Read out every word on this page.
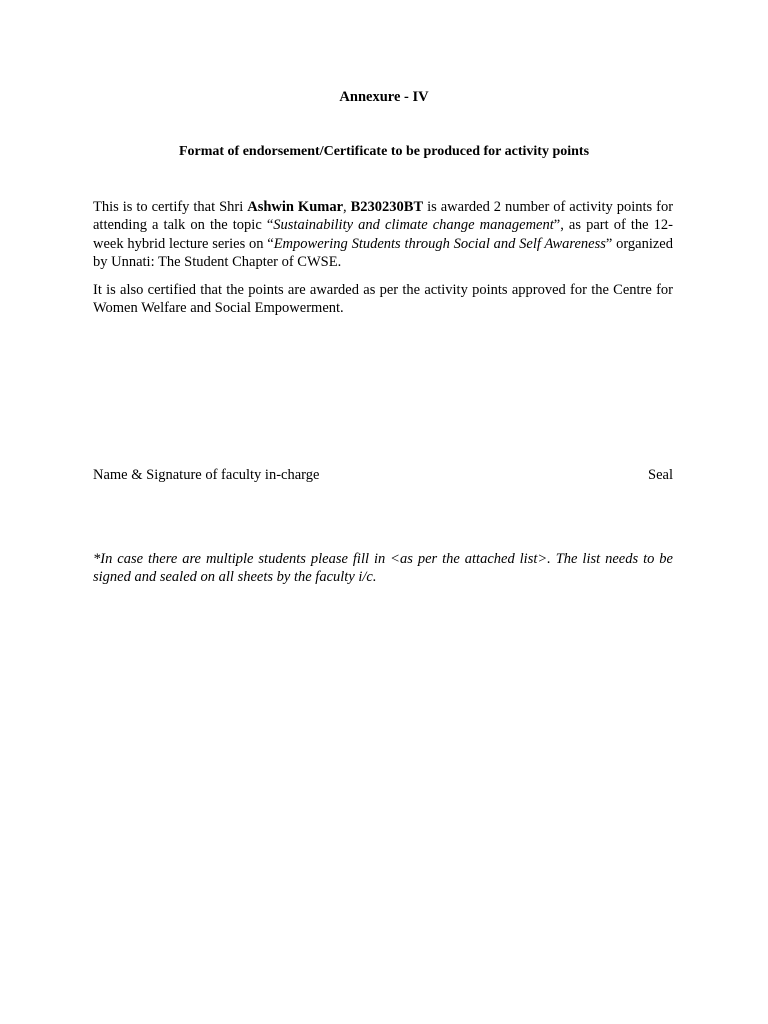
Annexure - IV
Format of endorsement/Certificate to be produced for activity points
This is to certify that Shri Ashwin Kumar, B230230BT is awarded 2 number of activity points for attending a talk on the topic “Sustainability and climate change management”, as part of the 12-week hybrid lecture series on “Empowering Students through Social and Self Awareness” organized by Unnati: The Student Chapter of CWSE.
It is also certified that the points are awarded as per the activity points approved for the Centre for Women Welfare and Social Empowerment.
Name & Signature of faculty in-charge	Seal
*In case there are multiple students please fill in <as per the attached list>. The list needs to be signed and sealed on all sheets by the faculty i/c.
